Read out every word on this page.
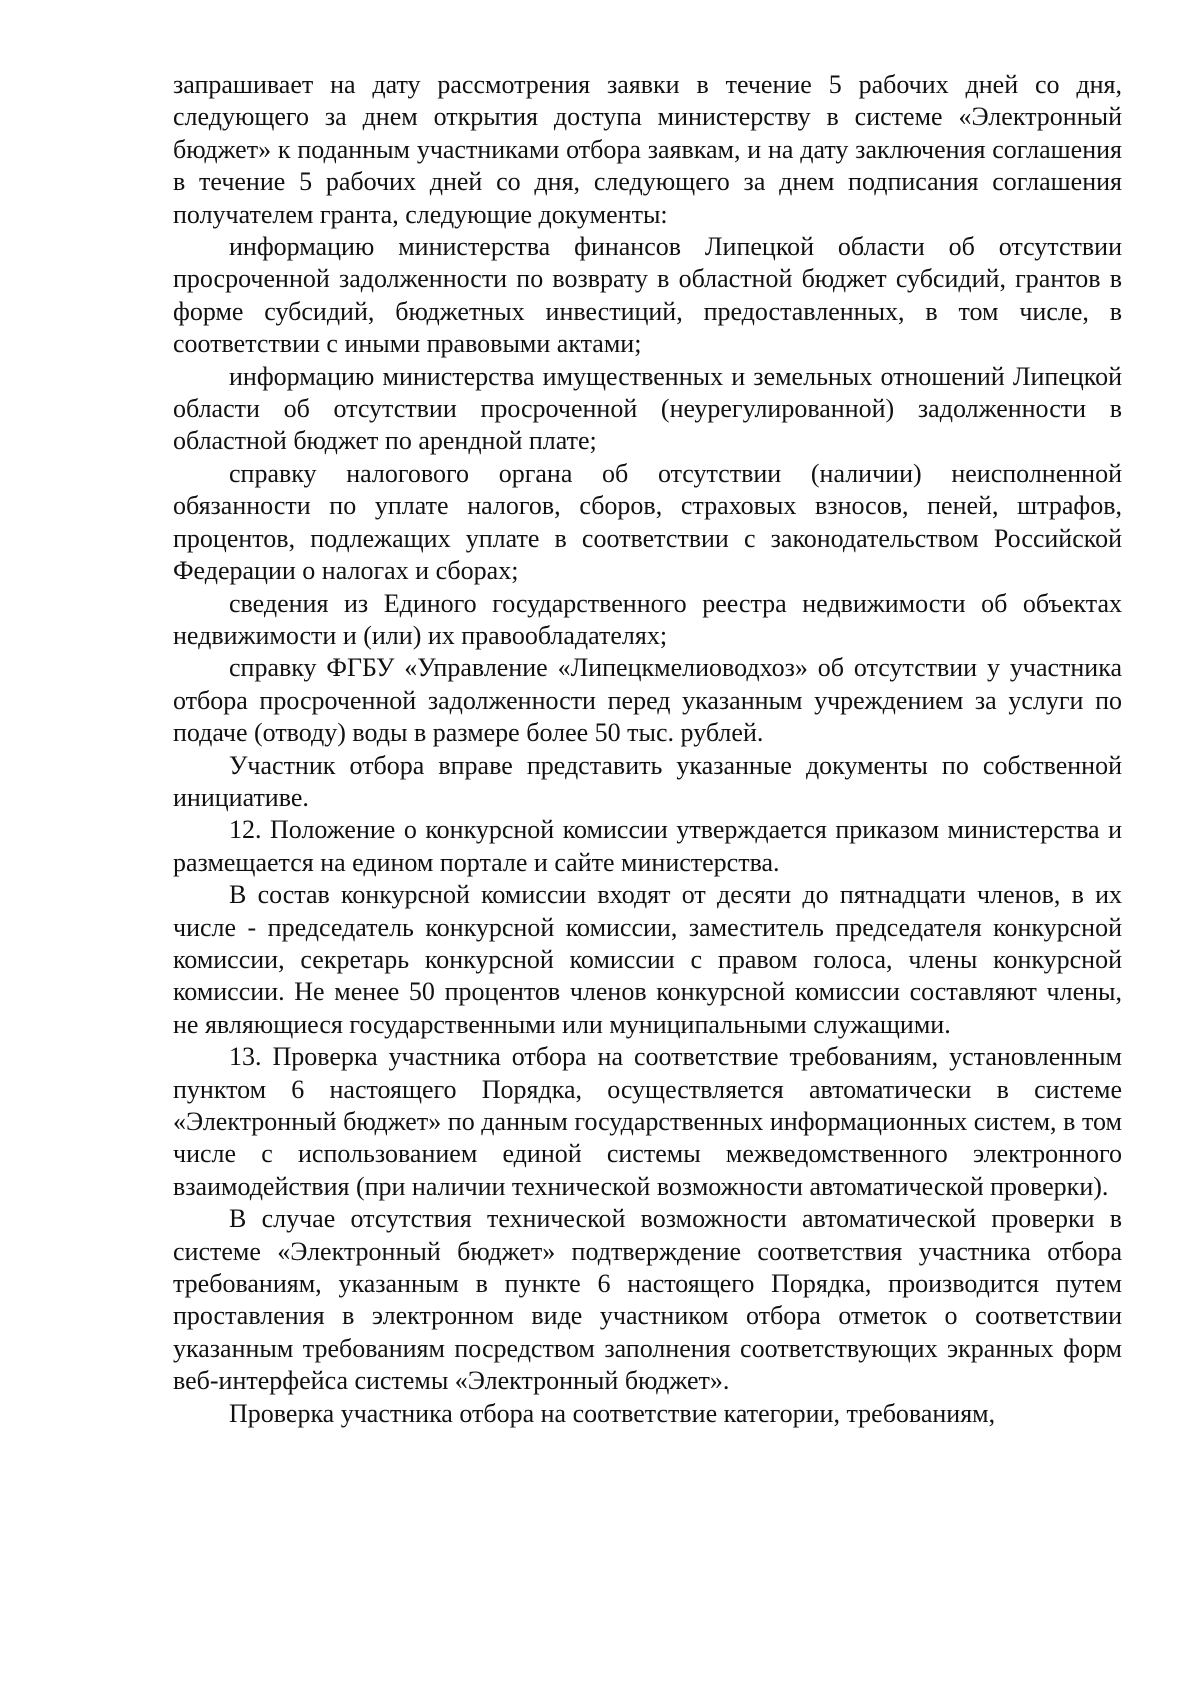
запрашивает на дату рассмотрения заявки в течение 5 рабочих дней со дня, следующего за днем открытия доступа министерству в системе «Электронный бюджет» к поданным участниками отбора заявкам, и на дату заключения соглашения в течение 5 рабочих дней со дня, следующего за днем подписания соглашения получателем гранта, следующие документы:

информацию министерства финансов Липецкой области об отсутствии просроченной задолженности по возврату в областной бюджет субсидий, грантов в форме субсидий, бюджетных инвестиций, предоставленных, в том числе, в соответствии с иными правовыми актами;

информацию министерства имущественных и земельных отношений Липецкой области об отсутствии просроченной (неурегулированной) задолженности в областной бюджет по арендной плате;

справку налогового органа об отсутствии (наличии) неисполненной обязанности по уплате налогов, сборов, страховых взносов, пеней, штрафов, процентов, подлежащих уплате в соответствии с законодательством Российской Федерации о налогах и сборах;

сведения из Единого государственного реестра недвижимости об объектах недвижимости и (или) их правообладателях;

справку ФГБУ «Управление «Липецкмелиоводхоз» об отсутствии у участника отбора просроченной задолженности перед указанным учреждением за услуги по подаче (отводу) воды в размере более 50 тыс. рублей.

Участник отбора вправе представить указанные документы по собственной инициативе.

12. Положение о конкурсной комиссии утверждается приказом министерства и размещается на едином портале и сайте министерства.

В состав конкурсной комиссии входят от десяти до пятнадцати членов, в их числе - председатель конкурсной комиссии, заместитель председателя конкурсной комиссии, секретарь конкурсной комиссии с правом голоса, члены конкурсной комиссии. Не менее 50 процентов членов конкурсной комиссии составляют члены, не являющиеся государственными или муниципальными служащими.

13. Проверка участника отбора на соответствие требованиям, установленным пунктом 6 настоящего Порядка, осуществляется автоматически в системе «Электронный бюджет» по данным государственных информационных систем, в том числе с использованием единой системы межведомственного электронного взаимодействия (при наличии технической возможности автоматической проверки).

В случае отсутствия технической возможности автоматической проверки в системе «Электронный бюджет» подтверждение соответствия участника отбора требованиям, указанным в пункте 6 настоящего Порядка, производится путем проставления в электронном виде участником отбора отметок о соответствии указанным требованиям посредством заполнения соответствующих экранных форм веб-интерфейса системы «Электронный бюджет».

Проверка участника отбора на соответствие категории, требованиям,
